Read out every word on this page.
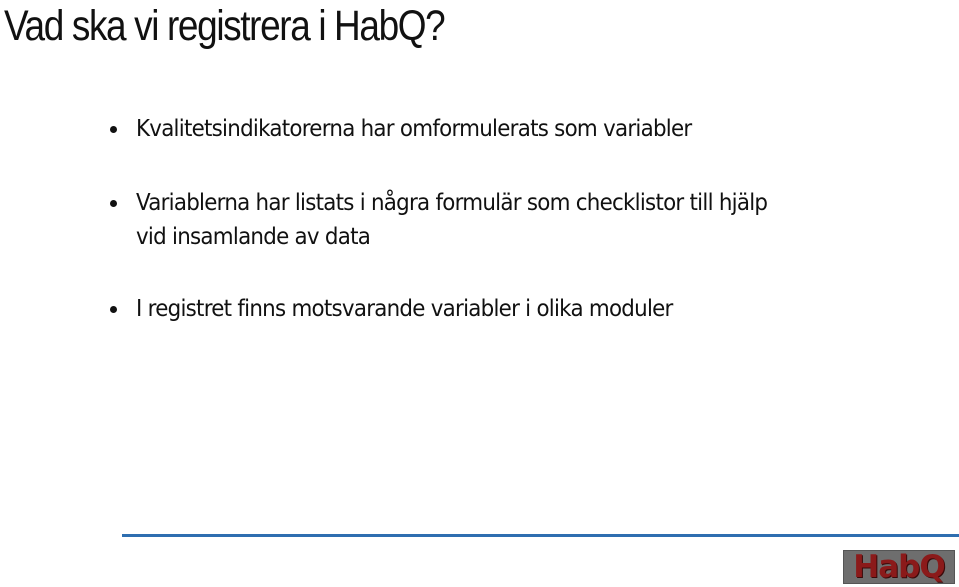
Vad ska vi registrera i HabQ?
Kvalitetsindikatorerna har omformulerats som variabler
Variablerna har listats i några formulär som checklistor till hjälp
vid insamlande av data
I registret finns motsvarande variabler i olika moduler
HabQ
